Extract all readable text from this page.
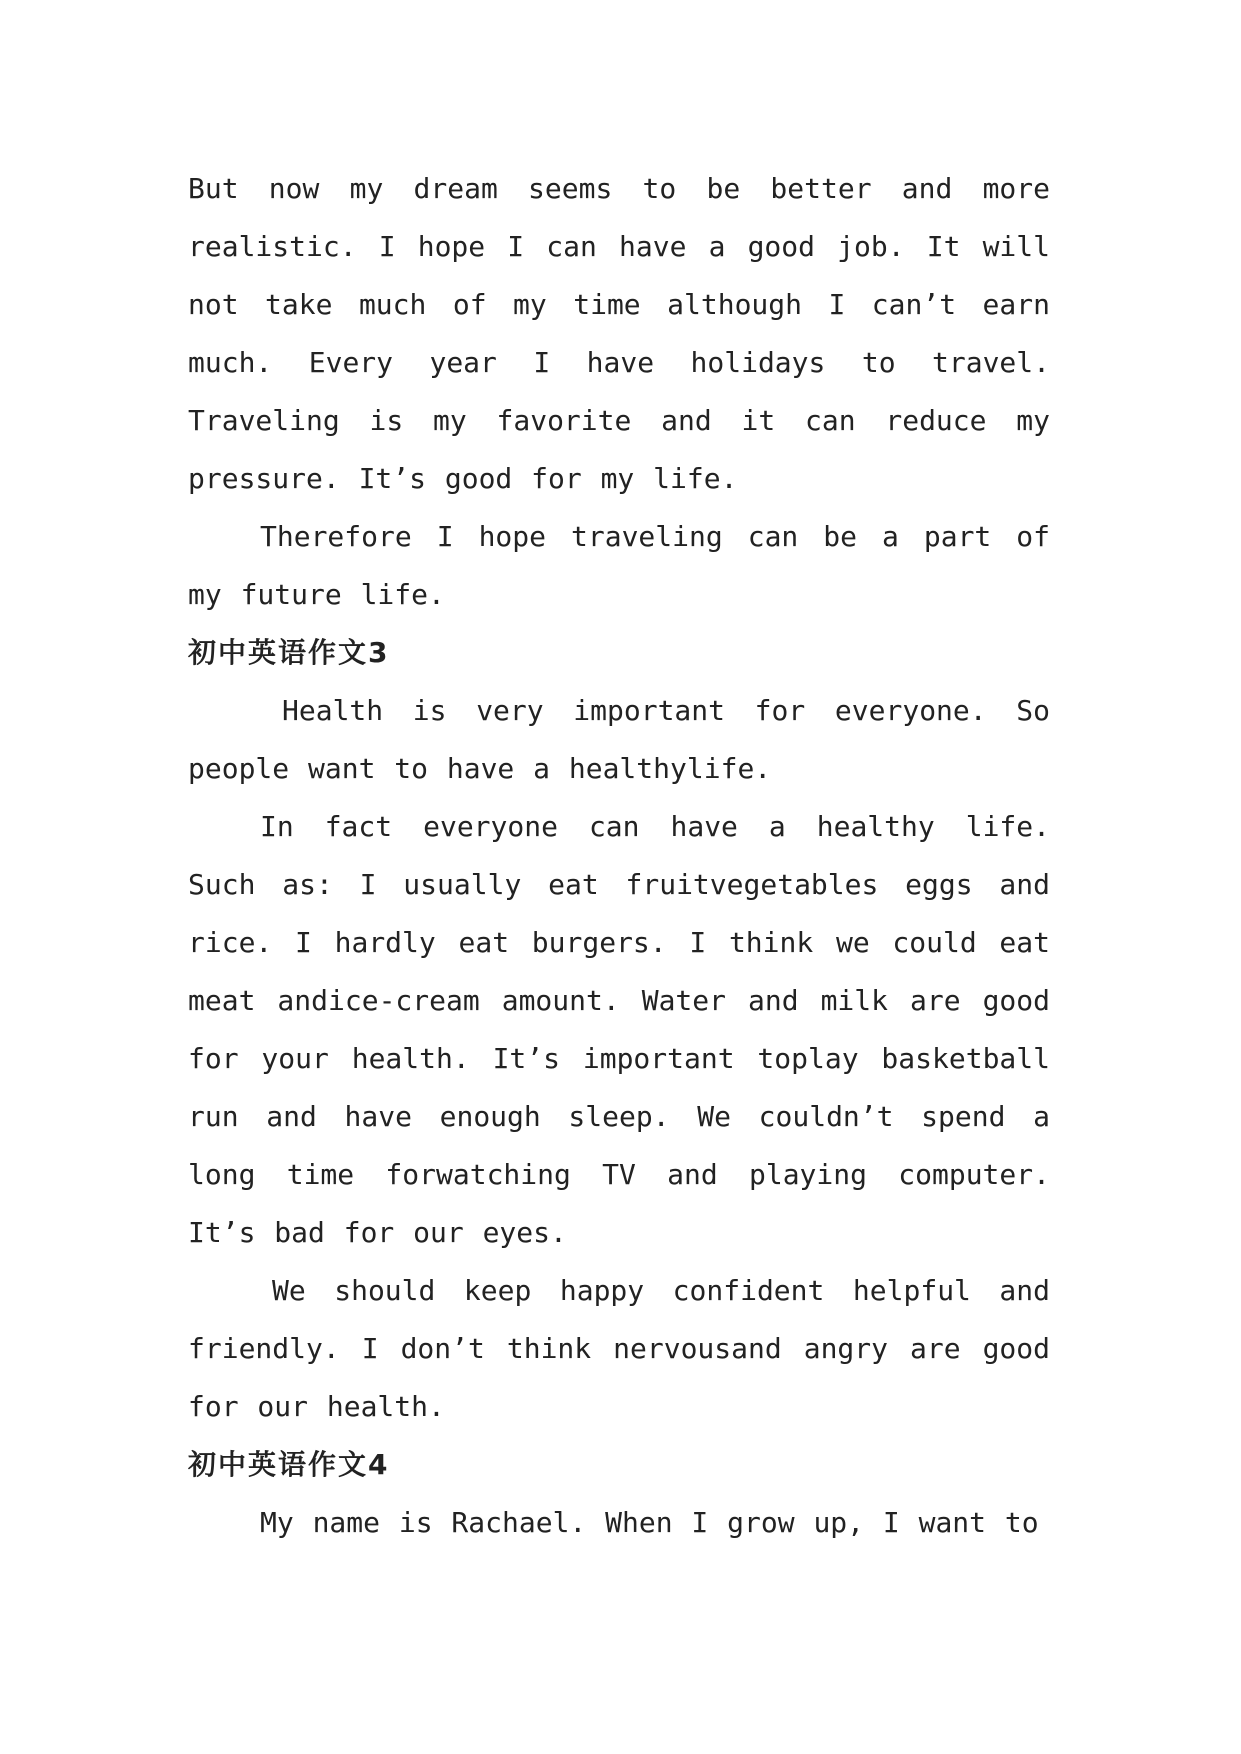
But now my dream seems to be better and more realistic. I hope I can have a good job. It will not take much of my time although I can’t earn much. Every year I have holidays to travel. Traveling is my favorite and it can reduce my pressure. It’s good for my life.

Therefore I hope traveling can be a part of my future life.

初中英语作文3

Health is very important for everyone. So people want to have a healthylife.

In fact everyone can have a healthy life. Such as: I usually eat fruitvegetables eggs and rice. I hardly eat burgers. I think we could eat meat andice-cream amount. Water and milk are good for your health. It’s important toplay basketball run and have enough sleep. We couldn’t spend a long time forwatching TV and playing computer. It’s bad for our eyes.

We should keep happy confident helpful and friendly. I don’t think nervousand angry are good for our health.

初中英语作文4

My name is Rachael. When I grow up, I want to
